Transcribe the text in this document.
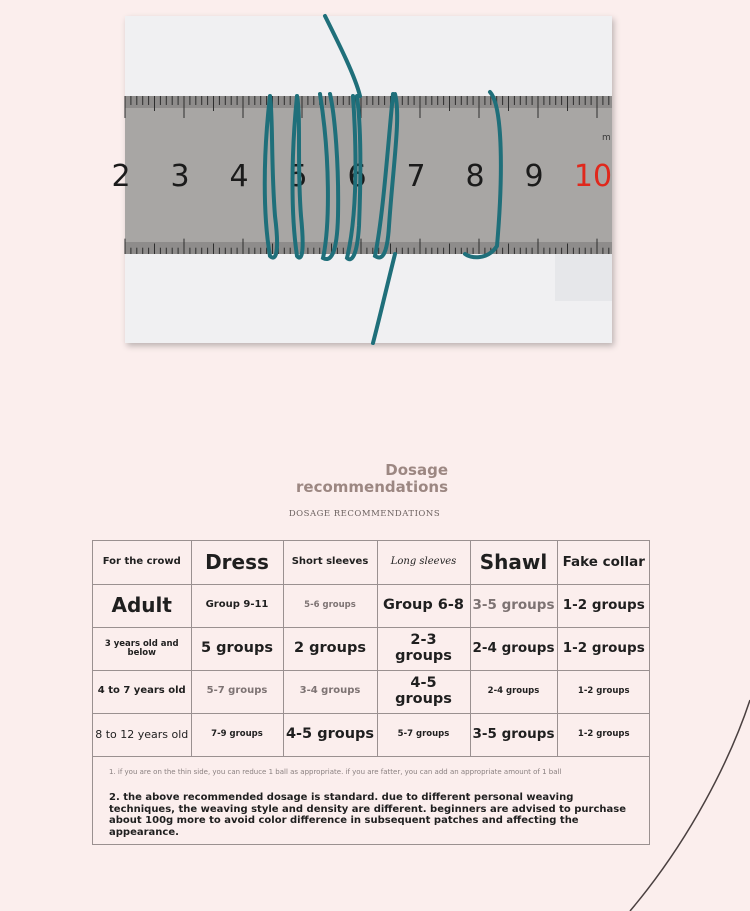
2 3 4 5 6 7 8 9 10
m
Dosage
recommendations
DOSAGE RECOMMENDATIONS
For the crowd	Dress	Short sleeves	Long sleeves	Shawl	Fake collar
Adult	Group 9-11	5-6 groups	Group 6-8	3-5 groups	1-2 groups
3 years old and below	5 groups	2 groups	2-3 groups	2-4 groups	1-2 groups
4 to 7 years old	5-7 groups	3-4 groups	4-5 groups	2-4 groups	1-2 groups
8 to 12 years old	7-9 groups	4-5 groups	5-7 groups	3-5 groups	1-2 groups
1. if you are on the thin side, you can reduce 1 ball as appropriate. if you are fatter, you can add an appropriate amount of 1 ball
2. the above recommended dosage is standard. due to different personal weaving techniques, the weaving style and density are different. beginners are advised to purchase about 100g more to avoid color difference in subsequent patches and affecting the appearance.
